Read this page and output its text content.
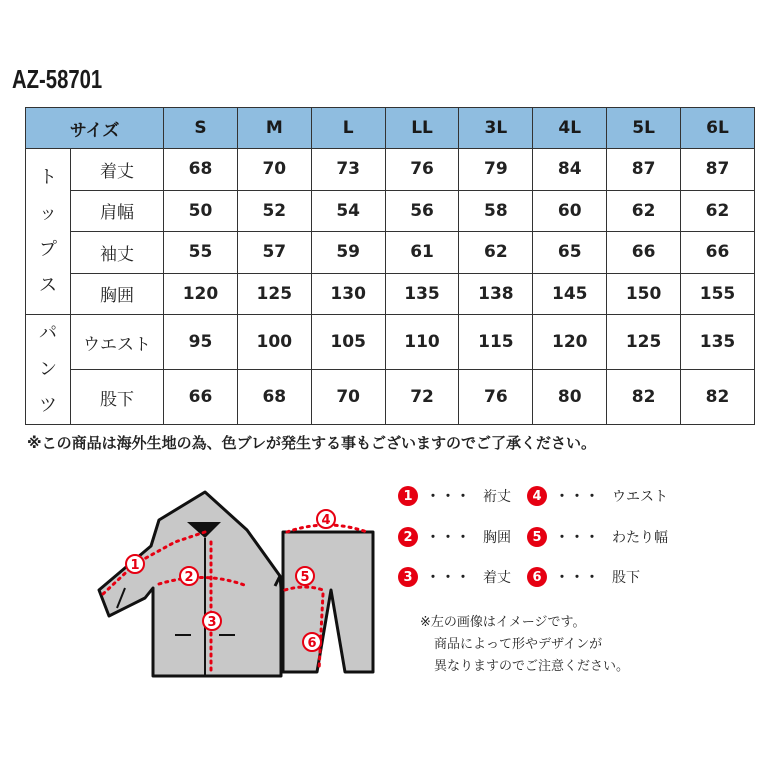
AZ-58701
サイズ		S	M	L	LL	3L	4L	5L	6L

ト
ッ
プ
ス	着丈	68	70	73	76	79	84	87	87
	肩幅	50	52	54	56	58	60	62	62
	袖丈	55	57	59	61	62	65	66	66
	胸囲	120	125	130	135	138	145	150	155

パ
ン
ツ	ウエスト	95	100	105	110	115	120	125	135
	股下	66	68	70	72	76	80	82	82
※この商品は海外生地の為、色ブレが発生する事もございますのでご了承ください。
1
2
3
4
5
6
1 ・・・ 裄丈
2 ・・・ 胸囲
3 ・・・ 着丈
4 ・・・ ウエスト
5 ・・・ わたり幅
6 ・・・ 股下
※左の画像はイメージです。
商品によって形やデザインが
異なりますのでご注意ください。
